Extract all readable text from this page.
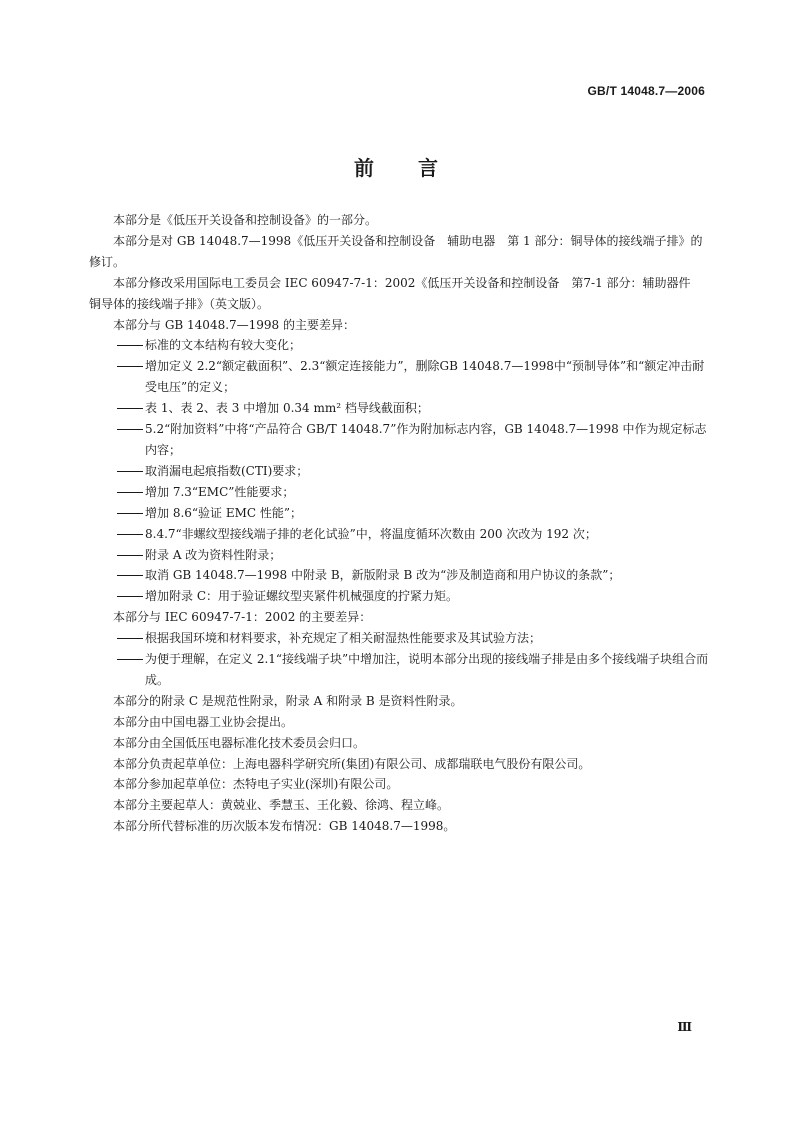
GB/T 14048.7—2006
前 言

本部分是《低压开关设备和控制设备》的一部分。

本部分是对 GB 14048.7—1998《低压开关设备和控制设备　辅助电器　第 1 部分：铜导体的接线端子排》的修订。

本部分修改采用国际电工委员会 IEC 60947-7-1：2002《低压开关设备和控制设备　第7-1 部分：辅助器件　铜导体的接线端子排》（英文版）。

本部分与 GB 14048.7—1998 的主要差异：

标准的文本结构有较大变化；

增加定义 2.2“额定截面积”、2.3“额定连接能力”，删除GB 14048.7—1998中“预制导体”和“额定冲击耐受电压”的定义；

表 1、表 2、表 3 中增加 0.34 mm² 档导线截面积；

5.2“附加资料”中将“产品符合 GB/T 14048.7”作为附加标志内容，GB 14048.7—1998 中作为规定标志内容；

取消漏电起痕指数(CTI)要求；

增加 7.3“EMC”性能要求；

增加 8.6“验证 EMC 性能”；

8.4.7“非螺纹型接线端子排的老化试验”中，将温度循环次数由 200 次改为 192 次；

附录 A 改为资料性附录；

取消 GB 14048.7—1998 中附录 B，新版附录 B 改为“涉及制造商和用户协议的条款”；

增加附录 C：用于验证螺纹型夹紧件机械强度的拧紧力矩。

本部分与 IEC 60947-7-1：2002 的主要差异：

根据我国环境和材料要求，补充规定了相关耐湿热性能要求及其试验方法；

为便于理解，在定义 2.1“接线端子块”中增加注，说明本部分出现的接线端子排是由多个接线端子块组合而成。

本部分的附录 C 是规范性附录，附录 A 和附录 B 是资料性附录。

本部分由中国电器工业协会提出。

本部分由全国低压电器标准化技术委员会归口。

本部分负责起草单位：上海电器科学研究所(集团)有限公司、成都瑞联电气股份有限公司。

本部分参加起草单位：杰特电子实业(深圳)有限公司。

本部分主要起草人：黄兢业、季慧玉、王化毅、徐鸿、程立峰。

本部分所代替标准的历次版本发布情况：GB 14048.7—1998。

Ⅲ
